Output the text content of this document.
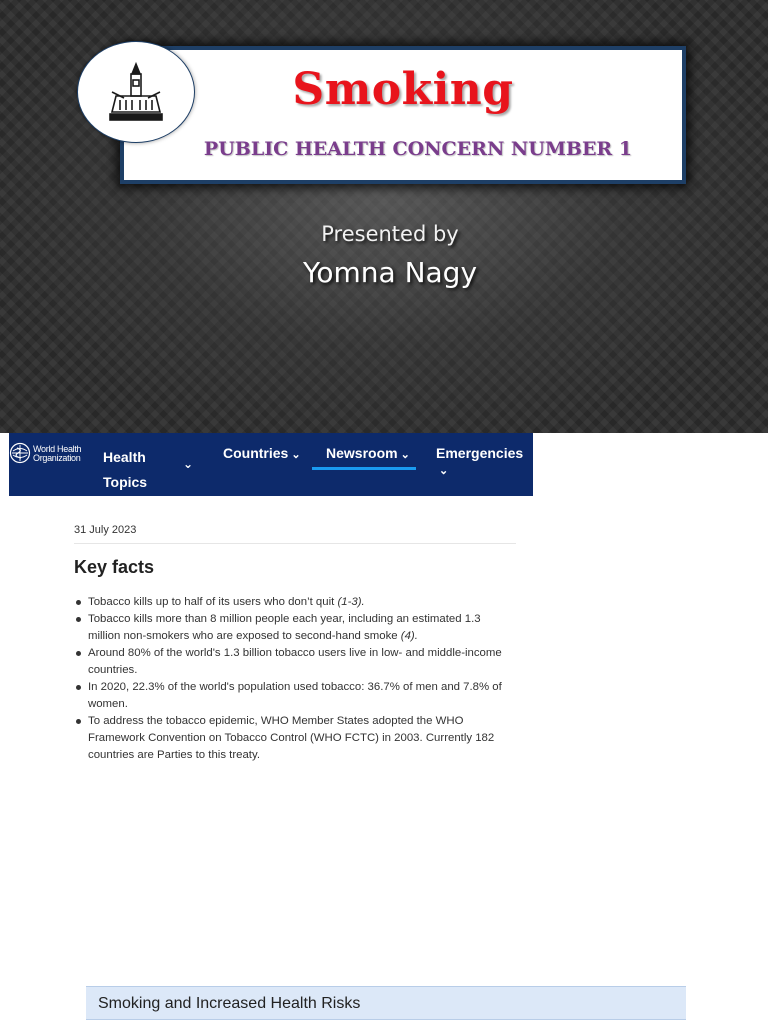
Smoking
PUBLIC HEALTH CONCERN NUMBER 1
Presented by
Yomna Nagy
World Health Organization	Health Topics
⌄
Countries ⌄ Newsroom ⌄ Emergencies⌄
31 July 2023
Key facts
Tobacco kills up to half of its users who don’t quit (1-3).
Tobacco kills more than 8 million people each year, including an estimated 1.3 million non-smokers who are exposed to second-hand smoke (4).
Around 80% of the world's 1.3 billion tobacco users live in low- and middle-income countries.
In 2020, 22.3% of the world's population used tobacco: 36.7% of men and 7.8% of women.
To address the tobacco epidemic, WHO Member States adopted the WHO Framework Convention on Tobacco Control (WHO FCTC) in 2003. Currently 182 countries are Parties to this treaty.
Smoking and Increased Health Risks
